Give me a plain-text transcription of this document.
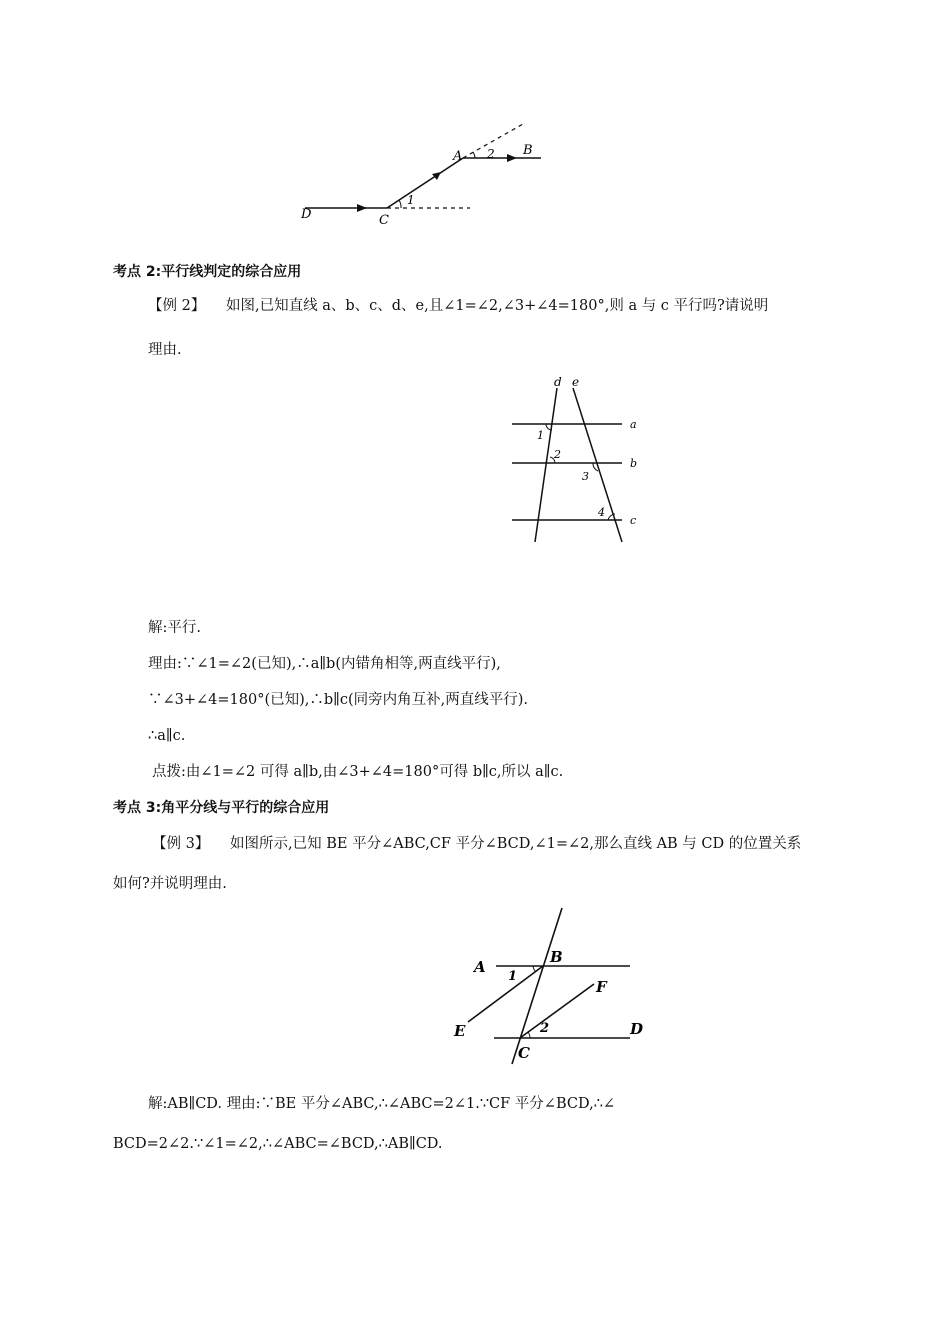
A	B
C
D
1
2
考点 2:平行线判定的综合应用
【例 2】 如图,已知直线 a、b、c、d、e,且∠1=∠2,∠3+∠4=180°,则 a 与 c 平行吗?请说明
理由.
d e
a
b
c
1
2
3
4
解:平行.
理由:∵∠1=∠2(已知),∴a∥b(内错角相等,两直线平行),
∵∠3+∠4=180°(已知),∴b∥c(同旁内角互补,两直线平行).
∴a∥c.
点拨:由∠1=∠2 可得 a∥b,由∠3+∠4=180°可得 b∥c,所以 a∥c.
考点 3:角平分线与平行的综合应用
【例 3】 如图所示,已知 BE 平分∠ABC,CF 平分∠BCD,∠1=∠2,那么直线 AB 与 CD 的位置关系
如何?并说明理由.
A
B
C
D
E
F
1
2
解:AB∥CD. 理由:∵BE 平分∠ABC,∴∠ABC=2∠1.∵CF 平分∠BCD,∴∠
BCD=2∠2.∵∠1=∠2,∴∠ABC=∠BCD,∴AB∥CD.
